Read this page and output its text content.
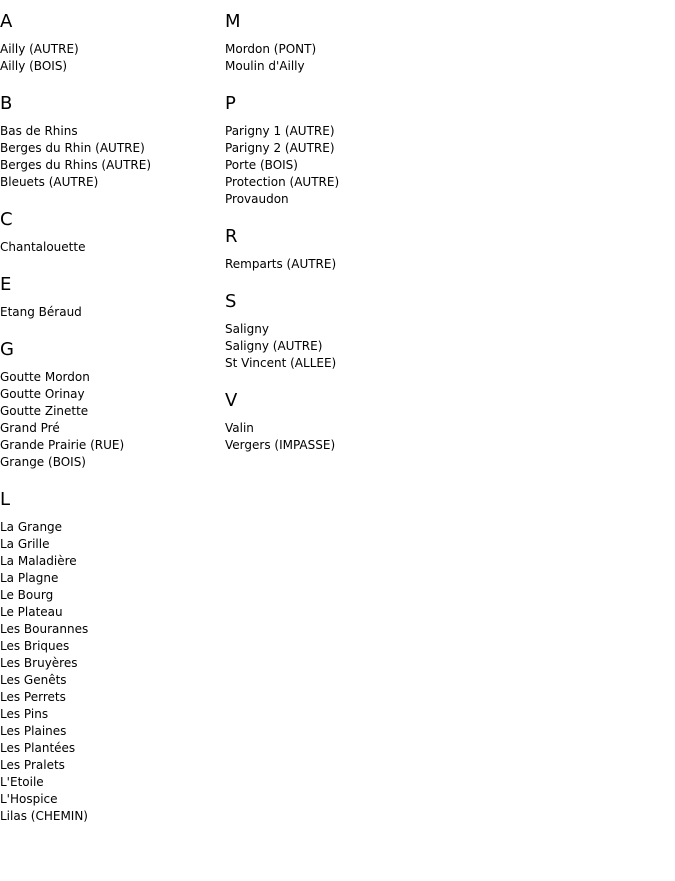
A
Ailly (AUTRE)
Ailly (BOIS)
B
Bas de Rhins
Berges du Rhin (AUTRE)
Berges du Rhins (AUTRE)
Bleuets (AUTRE)
C
Chantalouette
E
Etang Béraud
G
Goutte Mordon
Goutte Orinay
Goutte Zinette
Grand Pré
Grande Prairie (RUE)
Grange (BOIS)
L
La Grange
La Grille
La Maladière
La Plagne
Le Bourg
Le Plateau
Les Bourannes
Les Briques
Les Bruyères
Les Genêts
Les Perrets
Les Pins
Les Plaines
Les Plantées
Les Pralets
L'Etoile
L'Hospice
Lilas (CHEMIN)
M
Mordon (PONT)
Moulin d'Ailly
P
Parigny 1 (AUTRE)
Parigny 2 (AUTRE)
Porte (BOIS)
Protection (AUTRE)
Provaudon
R
Remparts (AUTRE)
S
Saligny
Saligny (AUTRE)
St Vincent (ALLEE)
V
Valin
Vergers (IMPASSE)
